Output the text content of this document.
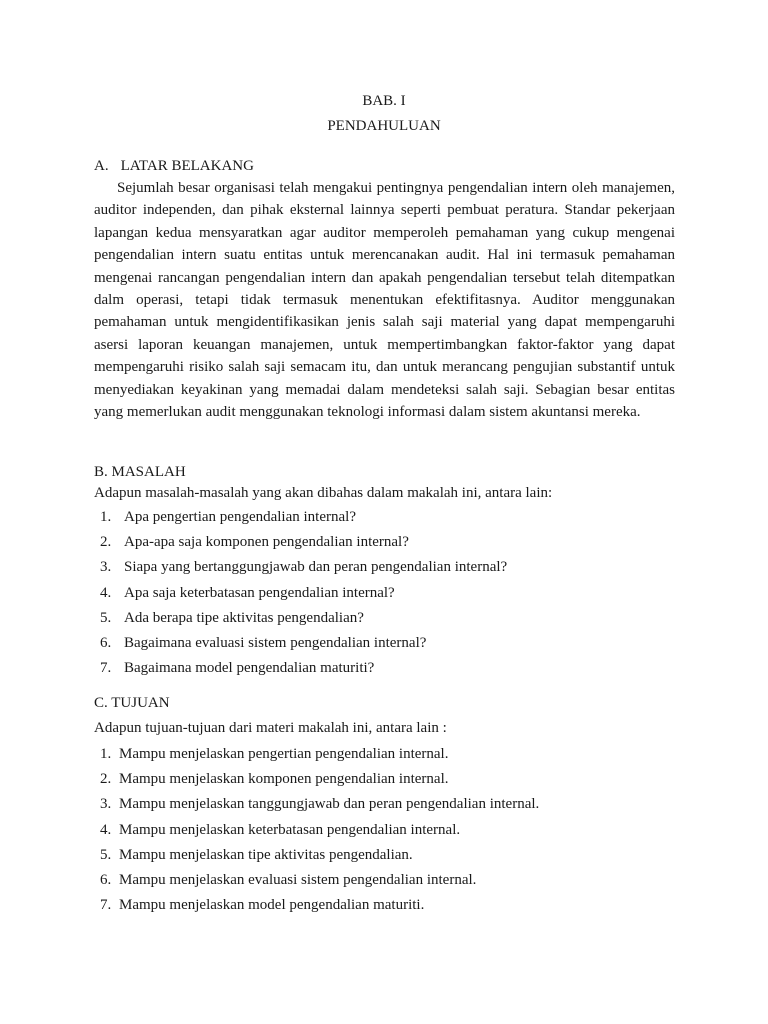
BAB. I
PENDAHULUAN
A. LATAR BELAKANG
Sejumlah besar organisasi telah mengakui pentingnya pengendalian intern oleh manajemen, auditor independen, dan pihak eksternal lainnya seperti pembuat peratura. Standar pekerjaan lapangan kedua mensyaratkan agar auditor memperoleh pemahaman yang cukup mengenai pengendalian intern suatu entitas untuk merencanakan audit. Hal ini termasuk pemahaman mengenai rancangan pengendalian intern dan apakah pengendalian tersebut telah ditempatkan dalm operasi, tetapi tidak termasuk menentukan efektifitasnya. Auditor menggunakan pemahaman untuk mengidentifikasikan jenis salah saji material yang dapat mempengaruhi asersi laporan keuangan manajemen, untuk mempertimbangkan faktor-faktor yang dapat mempengaruhi risiko salah saji semacam itu, dan untuk merancang pengujian substantif untuk menyediakan keyakinan yang memadai dalam mendeteksi salah saji. Sebagian besar entitas yang memerlukan audit menggunakan teknologi informasi dalam sistem akuntansi mereka.
B. MASALAH
Adapun masalah-masalah yang akan dibahas dalam makalah ini, antara lain:
1. Apa pengertian pengendalian internal?
2. Apa-apa saja komponen pengendalian internal?
3. Siapa yang bertanggungjawab dan peran pengendalian internal?
4. Apa saja keterbatasan pengendalian internal?
5. Ada berapa tipe aktivitas pengendalian?
6. Bagaimana evaluasi sistem pengendalian internal?
7. Bagaimana model pengendalian maturiti?
C. TUJUAN
Adapun tujuan-tujuan dari materi makalah ini, antara lain :
1. Mampu menjelaskan pengertian pengendalian internal.
2. Mampu menjelaskan komponen pengendalian internal.
3. Mampu menjelaskan tanggungjawab dan peran pengendalian internal.
4. Mampu menjelaskan keterbatasan pengendalian internal.
5. Mampu menjelaskan tipe aktivitas pengendalian.
6. Mampu menjelaskan evaluasi sistem pengendalian internal.
7. Mampu menjelaskan model pengendalian maturiti.
